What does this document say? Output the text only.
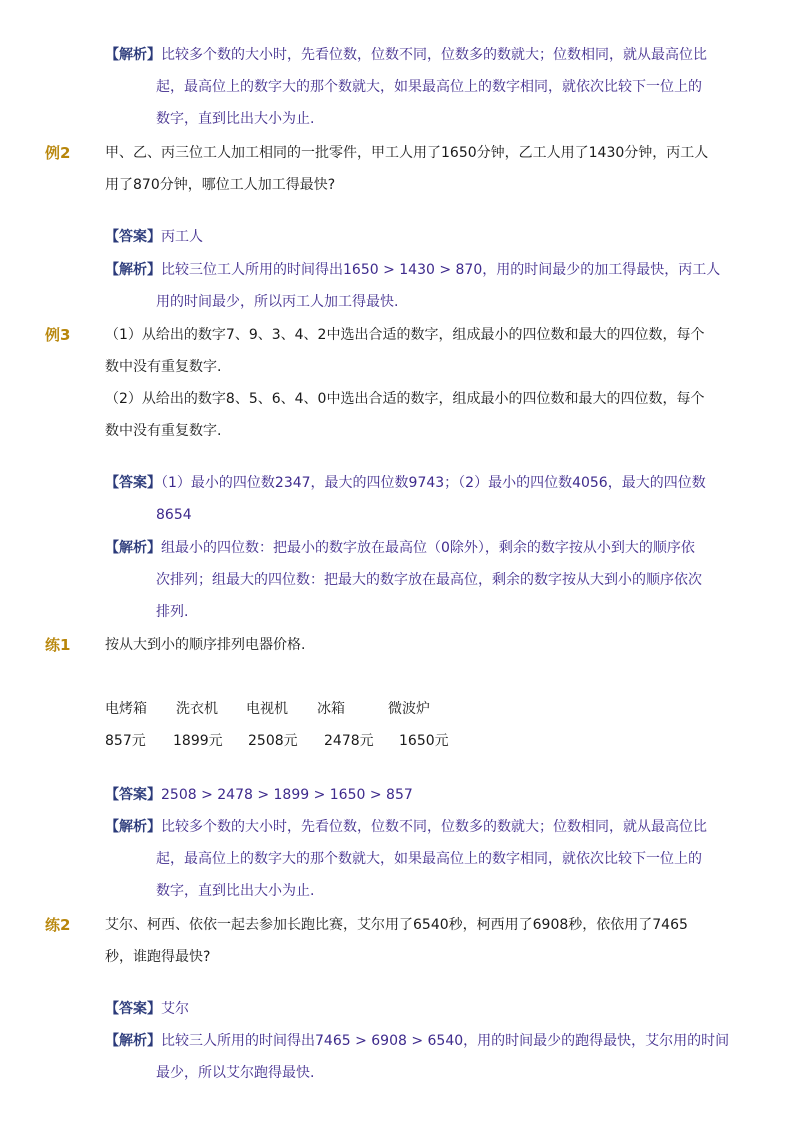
【解析】比较多个数的大小时，先看位数，位数不同，位数多的数就大；位数相同，就从最高位比
起，最高位上的数字大的那个数就大，如果最高位上的数字相同，就依次比较下一位上的
数字，直到比出大小为止.
例2 甲、乙、丙三位工人加工相同的一批零件，甲工人用了1650分钟，乙工人用了1430分钟，丙工人
用了870分钟，哪位工人加工得最快?
【答案】丙工人
【解析】比较三位工人所用的时间得出1650 > 1430 > 870，用的时间最少的加工得最快，丙工人
用的时间最少，所以丙工人加工得最快.
例3 （1）从给出的数字7、9、3、4、2中选出合适的数字，组成最小的四位数和最大的四位数，每个
数中没有重复数字.
（2）从给出的数字8、5、6、4、0中选出合适的数字，组成最小的四位数和最大的四位数，每个
数中没有重复数字.
【答案】（1）最小的四位数2347，最大的四位数9743；（2）最小的四位数4056，最大的四位数
8654
【解析】组最小的四位数：把最小的数字放在最高位（0除外），剩余的数字按从小到大的顺序依
次排列；组最大的四位数：把最大的数字放在最高位，剩余的数字按从大到小的顺序依次
排列.
练1 按从大到小的顺序排列电器价格.
电烤箱 洗衣机 电视机 冰箱	微波炉
857元 1899元 2508元 2478元 1650元
【答案】2508 > 2478 > 1899 > 1650 > 857
【解析】比较多个数的大小时，先看位数，位数不同，位数多的数就大；位数相同，就从最高位比
起，最高位上的数字大的那个数就大，如果最高位上的数字相同，就依次比较下一位上的
数字，直到比出大小为止.
练2 艾尔、柯西、依依一起去参加长跑比赛，艾尔用了6540秒，柯西用了6908秒，依依用了7465
秒，谁跑得最快?
【答案】艾尔
【解析】比较三人所用的时间得出7465 > 6908 > 6540，用的时间最少的跑得最快，艾尔用的时间
最少，所以艾尔跑得最快.
